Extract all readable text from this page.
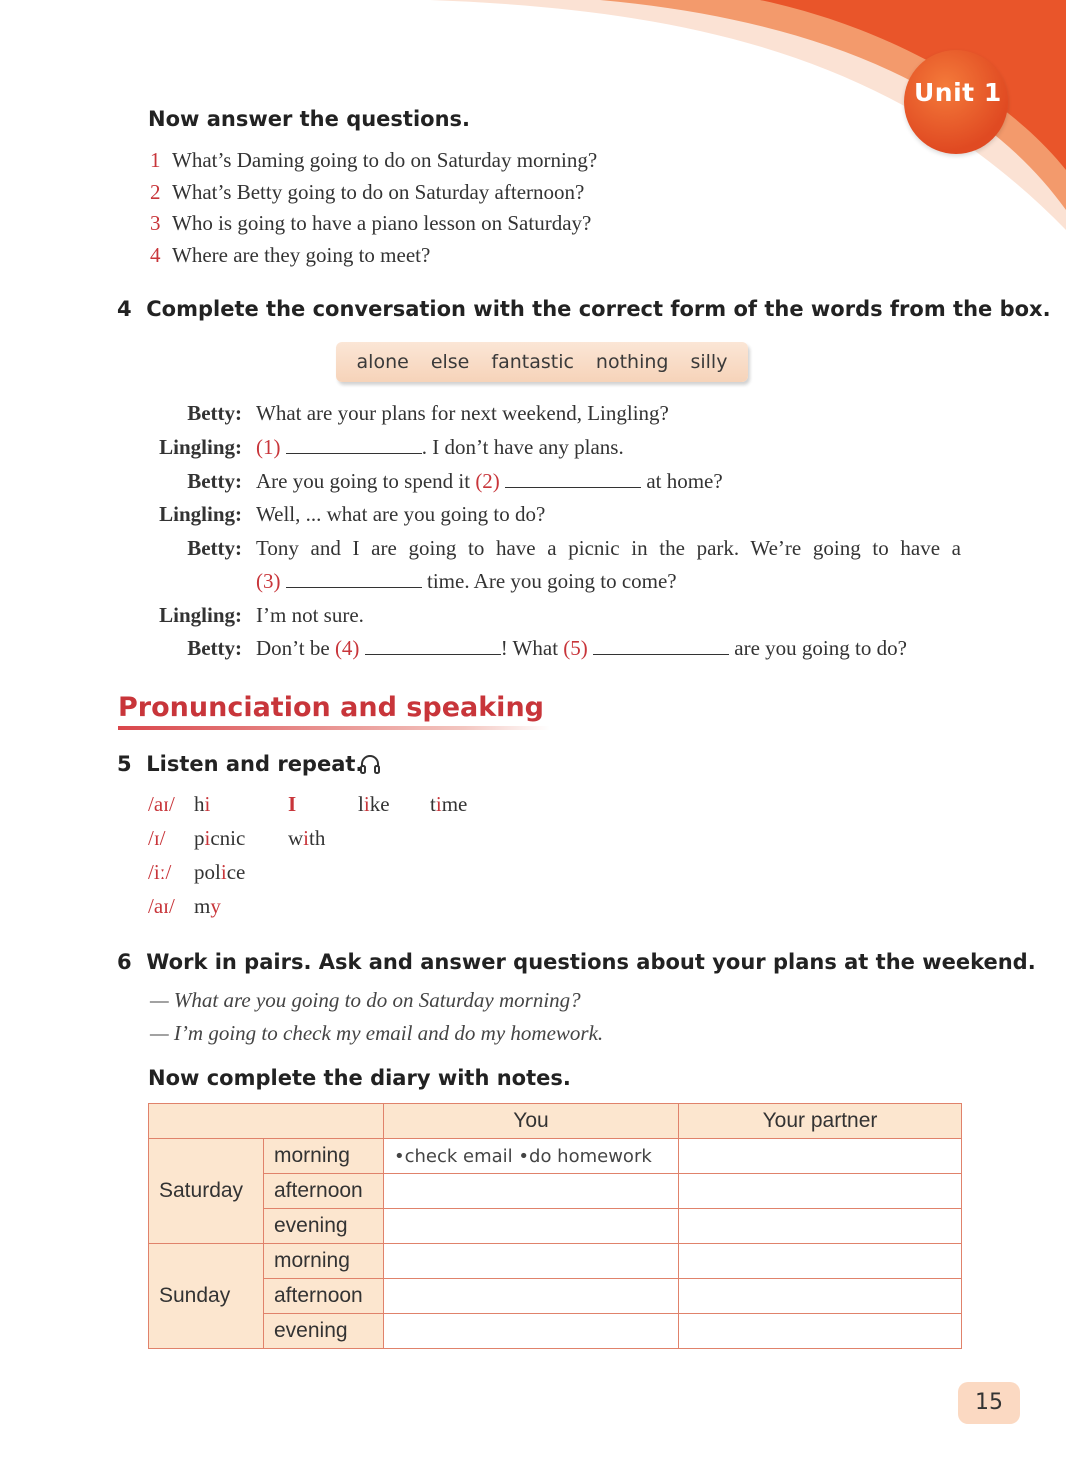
Unit 1
Now answer the questions.
1 What’s Daming going to do on Saturday morning?
2 What’s Betty going to do on Saturday afternoon?
3 Who is going to have a piano lesson on Saturday?
4 Where are they going to meet?
4 Complete the conversation with the correct form of the words from the box.
alone else fantastic nothing silly
Betty: What are your plans for next weekend, Lingling?
Lingling: (1)	. I don’t have any plans.
Betty: Are you going to spend it (2)	at home?
Lingling: Well, ... what are you going to do?
Betty: Tony and I are going to have a picnic in the park. We’re going to have a
(3)	time. Are you going to come?
Lingling: I’m not sure.
Betty: Don’t be (4)	! What (5)	are you going to do?
Pronunciation and speaking
5 Listen and repeat.
/aɪ/ hi	I	like time
/ɪ/ picnic with
/iː/ police
/aɪ/ my
6 Work in pairs. Ask and answer questions about your plans at the weekend.
— What are you going to do on Saturday morning?
— I’m going to check my email and do my homework.
Now complete the diary with notes.
		You	Your partner
Saturday	morning	•check email •do homework	
	afternoon		
	evening		
Sunday	morning		
	afternoon		
	evening		
15
